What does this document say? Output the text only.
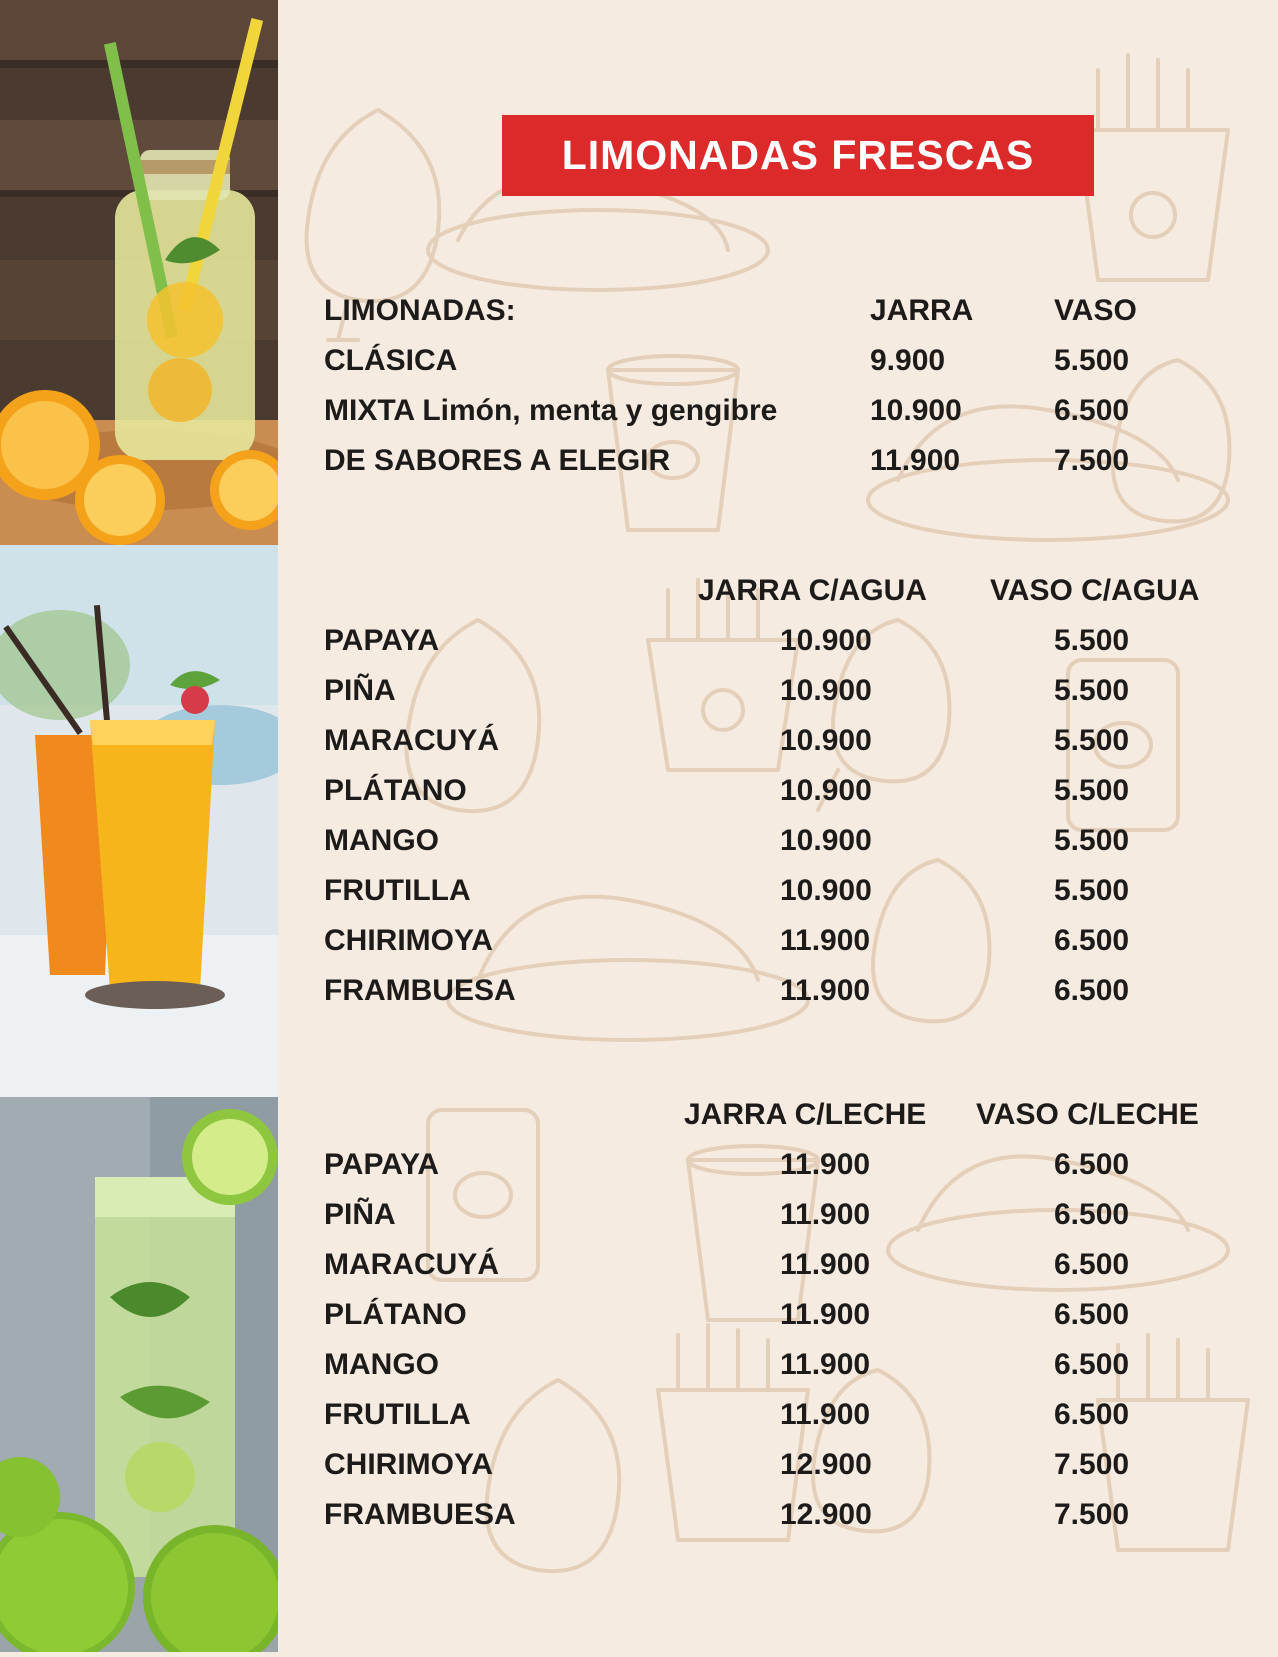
LIMONADAS FRESCAS
LIMONADAS:	JARRA	VASO
CLÁSICA	9.900	5.500
MIXTA Limón, menta y gengibre	10.900	6.500
DE SABORES A ELEGIR	11.900	7.500
JARRA C/AGUA VASO C/AGUA
PAPAYA	10.900	5.500
PIÑA	10.900	5.500
MARACUYÁ	10.900	5.500
PLÁTANO	10.900	5.500
MANGO	10.900	5.500
FRUTILLA	10.900	5.500
CHIRIMOYA	11.900	6.500
FRAMBUESA	11.900	6.500
JARRA C/LECHE VASO C/LECHE
PAPAYA	11.900	6.500
PIÑA	11.900	6.500
MARACUYÁ	11.900	6.500
PLÁTANO	11.900	6.500
MANGO	11.900	6.500
FRUTILLA	11.900	6.500
CHIRIMOYA	12.900	7.500
FRAMBUESA	12.900	7.500
